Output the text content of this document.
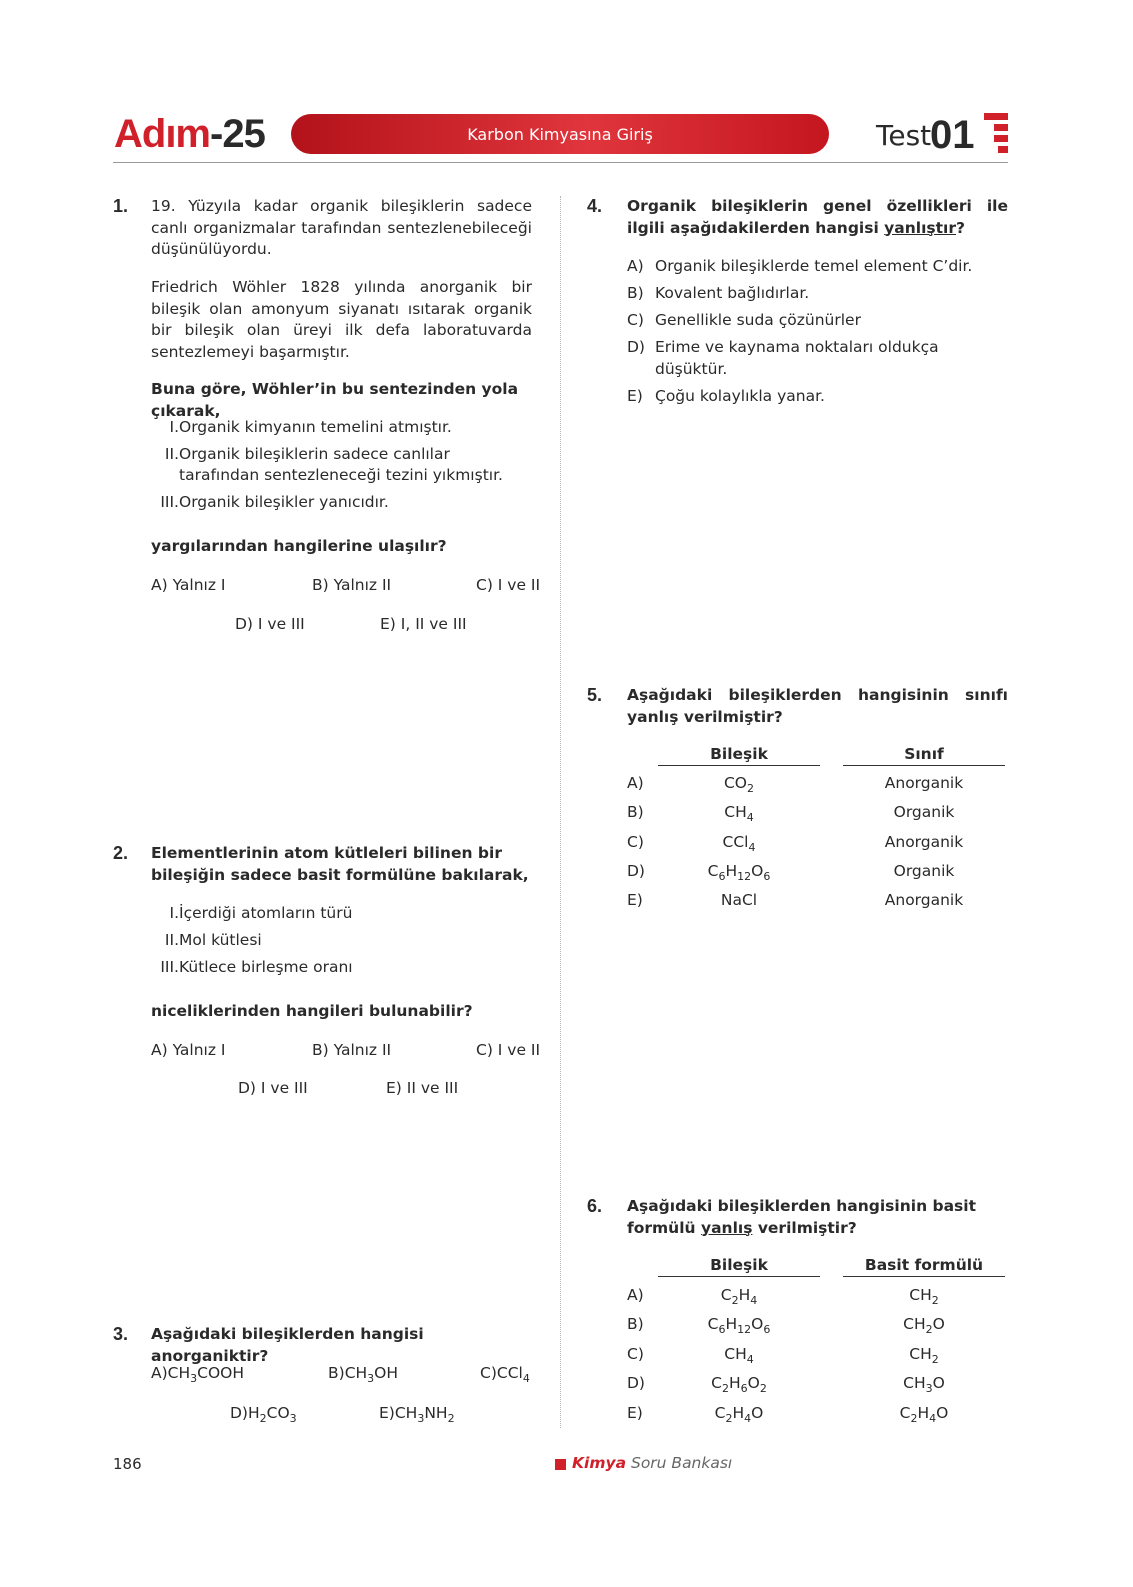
Adım-25	Karbon Kimyasına Giriş	Test
01
1. 19. Yüzyıla kadar organik bileşiklerin sadece canlı organizmalar tarafından sentezlenebileceği düşünülüyordu.
Friedrich Wöhler 1828 yılında anorganik bir bileşik olan amonyum siyanatı ısıtarak organik bir bileşik olan üreyi ilk defa laboratuvarda sentezlemeyi başarmıştır.
Buna göre, Wöhler’in bu sentezinden yola çıkarak,
I. Organik kimyanın temelini atmıştır.
II. Organik bileşiklerin sadece canlılar tarafından sentezleneceği tezini yıkmıştır.
III. Organik bileşikler yanıcıdır.
yargılarından hangilerine ulaşılır?
A) Yalnız I	B) Yalnız II	C) I ve II
D) I ve III	E) I, II ve III
2. Elementlerinin atom kütleleri bilinen bir bileşiğin sadece basit formülüne bakılarak,
I. İçerdiği atomların türü
II. Mol kütlesi
III. Kütlece birleşme oranı
niceliklerinden hangileri bulunabilir?
A) Yalnız I	B) Yalnız II	C) I ve II
D) I ve III	E) II ve III
3. Aşağıdaki bileşiklerden hangisi anorganiktir?
$A)CH_3COOH$	$B)CH_3OH$	C)CCl$_4$
$D)H_2CO_3$	$E)CH_3NH_2$
4. Organik bileşiklerin genel özellikleri ile ilgili aşağıdakilerden hangisi yanlıştır?
A) Organik bileşiklerde temel element C’dir.
B) Kovalent bağlıdırlar.
C) Genellikle suda çözünürler
D) Erime ve kaynama noktaları oldukça düşüktür.
E) Çoğu kolaylıkla yanar.
5. Aşağıdaki bileşiklerden hangisinin sınıfı yanlış verilmiştir?
Bileşik	Sınıf
A)	$CO_2$	Anorganik
B)	$CH_4$	Organik
C)	CCl$_4$	Anorganik
D)	$C_6H_{12}O_6$	Organik
E)	NaCl	Anorganik
6. Aşağıdaki bileşiklerden hangisinin basit formülü yanlış verilmiştir?
Bileşik	Basit formülü
A)	$C_2H_4$	$CH_2$
B)	$C_6H_{12}O_6$	$CH_2O$
C)	$CH_4$	$CH_2$
D)	$C_2H_6O_2$	$CH_3O$
E)	$C_2H_4O$	$C_2H_4O$
186	Kimya Soru Bankası
